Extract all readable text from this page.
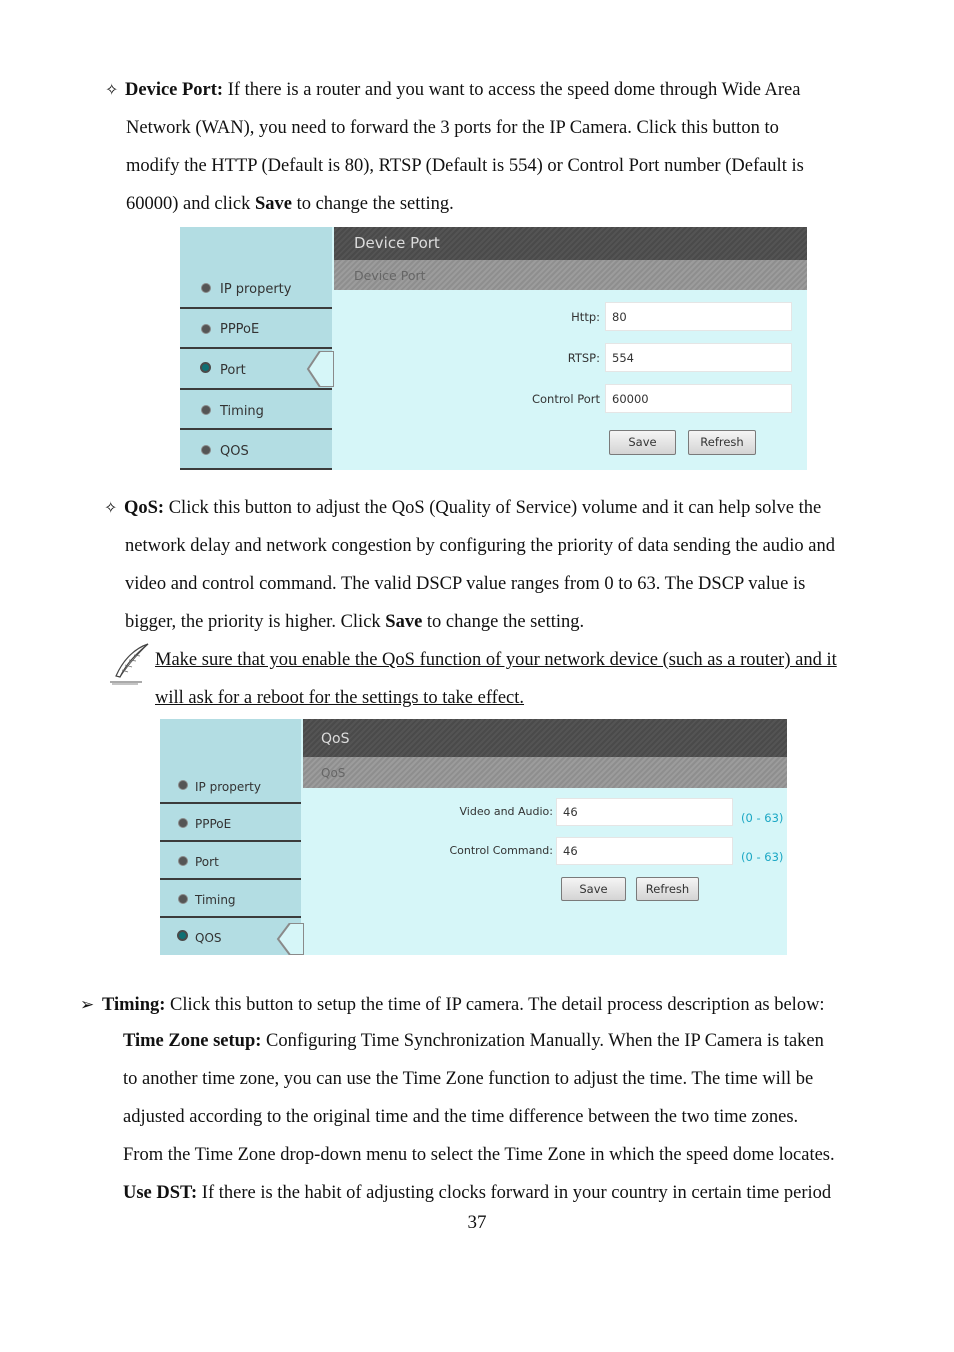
✧ Device Port: If there is a router and you want to access the speed dome through Wide Area
Network (WAN), you need to forward the 3 ports for the IP Camera. Click this button to
modify the HTTP (Default is 80), RTSP (Default is 554) or Control Port number (Default is
60000) and click Save to change the setting.
IP property
PPPoE
Port
Timing
QOS
Device Port
Device Port
Http:	80
RTSP:	554
Control Port	60000
Save	Refresh
✧ QoS: Click this button to adjust the QoS (Quality of Service) volume and it can help solve the
network delay and network congestion by configuring the priority of data sending the audio and
video and control command. The valid DSCP value ranges from 0 to 63. The DSCP value is
bigger, the priority is higher. Click Save to change the setting.
Make sure that you enable the QoS function of your network device (such as a router) and it
will ask for a reboot for the settings to take effect.
IP property
PPPoE
Port
Timing
QOS
QoS
QoS
Video and Audio: 46	(0 - 63)
Control Command: 46	(0 - 63)
Save	Refresh
➢ Timing: Click this button to setup the time of IP camera. The detail process description as below:
Time Zone setup: Configuring Time Synchronization Manually. When the IP Camera is taken
to another time zone, you can use the Time Zone function to adjust the time. The time will be
adjusted according to the original time and the time difference between the two time zones.
From the Time Zone drop-down menu to select the Time Zone in which the speed dome locates.
Use DST: If there is the habit of adjusting clocks forward in your country in certain time period
37
